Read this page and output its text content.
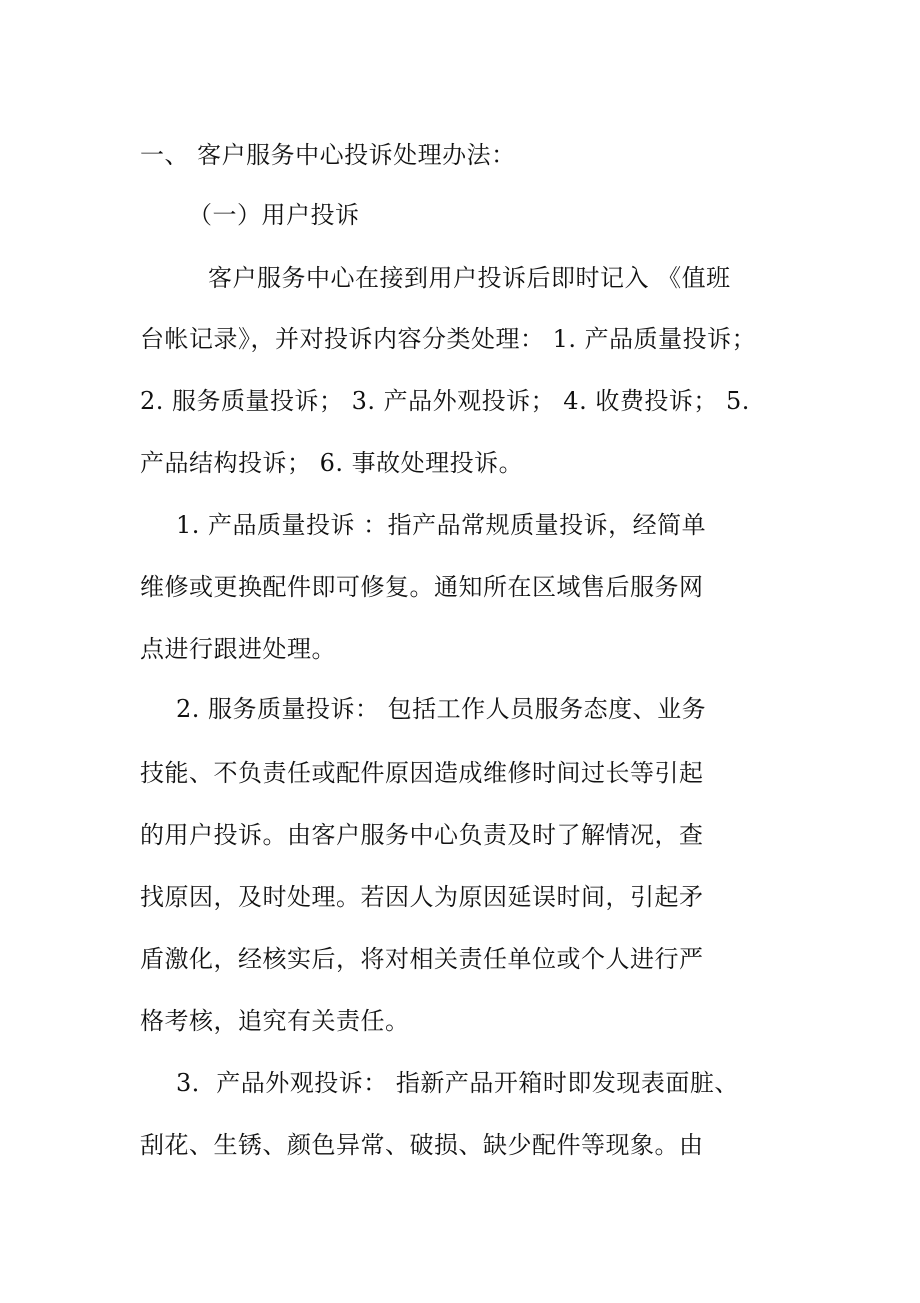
一、 客户服务中心投诉处理办法：
（一）用户投诉
客户服务中心在接到用户投诉后即时记入 《值班
台帐记录》，并对投诉内容分类处理： 1. 产品质量投诉；
2. 服务质量投诉； 3. 产品外观投诉； 4. 收费投诉； 5.
产品结构投诉； 6. 事故处理投诉。
1. 产品质量投诉 ：指产品常规质量投诉，经简单
维修或更换配件即可修复。通知所在区域售后服务网
点进行跟进处理。
2. 服务质量投诉： 包括工作人员服务态度、业务
技能、不负责任或配件原因造成维修时间过长等引起
的用户投诉。由客户服务中心负责及时了解情况，查
找原因，及时处理。若因人为原因延误时间，引起矛
盾激化，经核实后，将对相关责任单位或个人进行严
格考核，追究有关责任。
3．产品外观投诉： 指新产品开箱时即发现表面脏、
刮花、生锈、颜色异常、破损、缺少配件等现象。由
